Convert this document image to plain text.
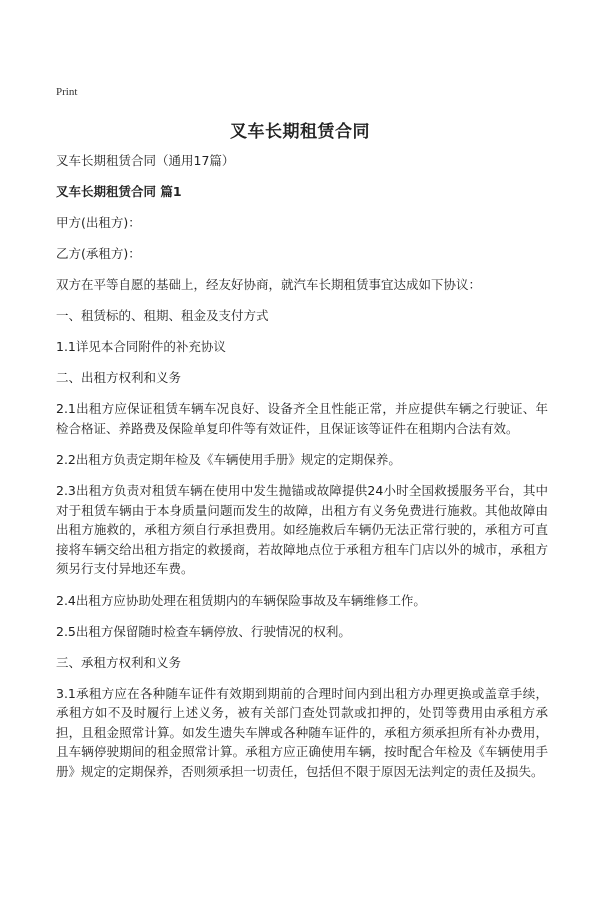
Print
叉车长期租赁合同

叉车长期租赁合同（通用17篇）

叉车长期租赁合同 篇1

甲方(出租方)：

乙方(承租方)：

双方在平等自愿的基础上，经友好协商，就汽车长期租赁事宜达成如下协议：

一、租赁标的、租期、租金及支付方式

1.1详见本合同附件的补充协议

二、出租方权利和义务

2.1出租方应保证租赁车辆车况良好、设备齐全且性能正常，并应提供车辆之行驶证、年检合格证、养路费及保险单复印件等有效证件，且保证该等证件在租期内合法有效。

2.2出租方负责定期年检及《车辆使用手册》规定的定期保养。

2.3出租方负责对租赁车辆在使用中发生抛锚或故障提供24小时全国救援服务平台，其中对于租赁车辆由于本身质量问题而发生的故障，出租方有义务免费进行施救。其他故障由出租方施救的，承租方须自行承担费用。如经施救后车辆仍无法正常行驶的，承租方可直接将车辆交给出租方指定的救援商，若故障地点位于承租方租车门店以外的城市，承租方须另行支付异地还车费。

2.4出租方应协助处理在租赁期内的车辆保险事故及车辆维修工作。

2.5出租方保留随时检查车辆停放、行驶情况的权利。

三、承租方权利和义务

3.1承租方应在各种随车证件有效期到期前的合理时间内到出租方办理更换或盖章手续，承租方如不及时履行上述义务，被有关部门查处罚款或扣押的，处罚等费用由承租方承担，且租金照常计算。如发生遗失车牌或各种随车证件的，承租方须承担所有补办费用，且车辆停驶期间的租金照常计算。承租方应正确使用车辆，按时配合年检及《车辆使用手册》规定的定期保养，否则须承担一切责任，包括但不限于原因无法判定的责任及损失。
